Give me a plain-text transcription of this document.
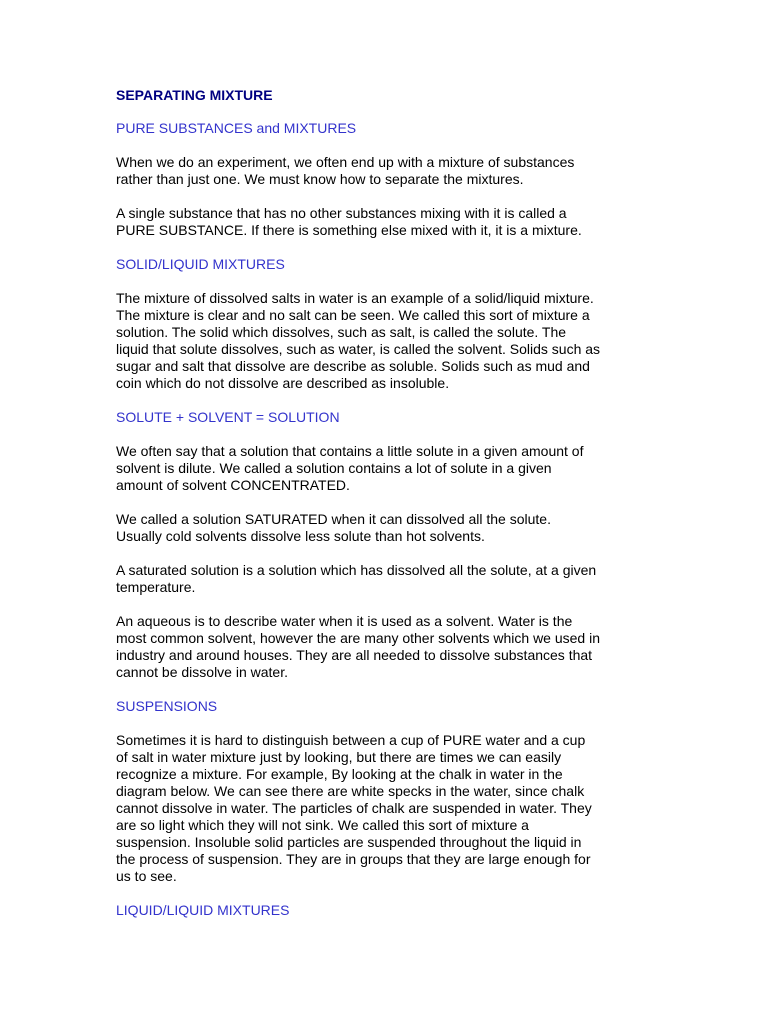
SEPARATING MIXTURE
PURE SUBSTANCES and MIXTURES
When we do an experiment, we often end up with a mixture of substances
rather than just one. We must know how to separate the mixtures.
A single substance that has no other substances mixing with it is called a
PURE SUBSTANCE. If there is something else mixed with it, it is a mixture.
SOLID/LIQUID MIXTURES
The mixture of dissolved salts in water is an example of a solid/liquid mixture.
The mixture is clear and no salt can be seen. We called this sort of mixture a
solution. The solid which dissolves, such as salt, is called the solute. The
liquid that solute dissolves, such as water, is called the solvent. Solids such as
sugar and salt that dissolve are describe as soluble. Solids such as mud and
coin which do not dissolve are described as insoluble.
SOLUTE + SOLVENT = SOLUTION
We often say that a solution that contains a little solute in a given amount of
solvent is dilute. We called a solution contains a lot of solute in a given
amount of solvent CONCENTRATED.
We called a solution SATURATED when it can dissolved all the solute.
Usually cold solvents dissolve less solute than hot solvents.
A saturated solution is a solution which has dissolved all the solute, at a given
temperature.
An aqueous is to describe water when it is used as a solvent. Water is the
most common solvent, however the are many other solvents which we used in
industry and around houses. They are all needed to dissolve substances that
cannot be dissolve in water.
SUSPENSIONS
Sometimes it is hard to distinguish between a cup of PURE water and a cup
of salt in water mixture just by looking, but there are times we can easily
recognize a mixture. For example, By looking at the chalk in water in the
diagram below. We can see there are white specks in the water, since chalk
cannot dissolve in water. The particles of chalk are suspended in water. They
are so light which they will not sink. We called this sort of mixture a
suspension. Insoluble solid particles are suspended throughout the liquid in
the process of suspension. They are in groups that they are large enough for
us to see.
LIQUID/LIQUID MIXTURES
